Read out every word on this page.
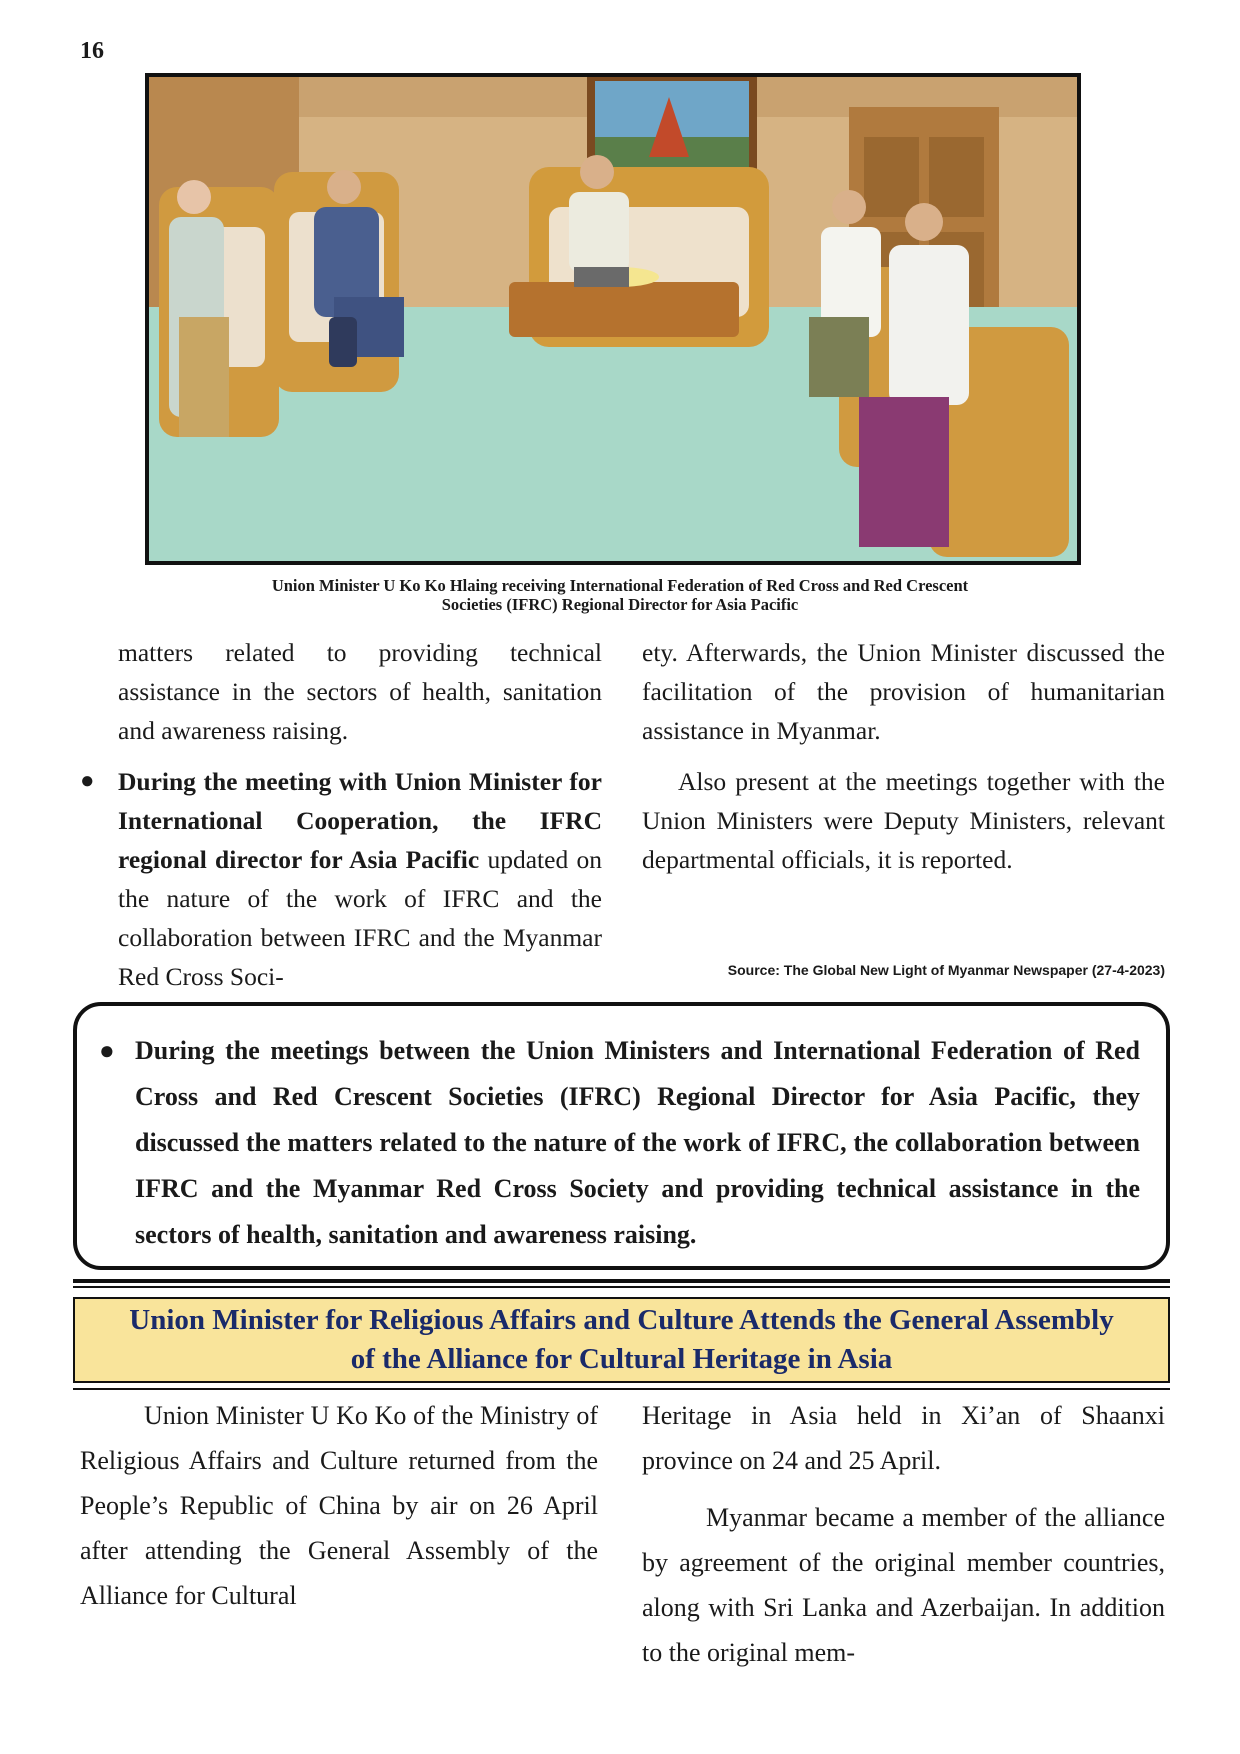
16
Union Minister U Ko Ko Hlaing receiving International Federation of Red Cross and Red Crescent
Societies (IFRC) Regional Director for Asia Pacific

matters related to providing technical assistance in the sectors of health, sanitation and awareness raising.

● During the meeting with Union Minister for International Cooperation, the IFRC regional director for Asia Pacific updated on the nature of the work of IFRC and the collaboration between IFRC and the Myanmar Red Cross Soci-

ety. Afterwards, the Union Minister discussed the facilitation of the provision of humanitarian assistance in Myanmar.

Also present at the meetings together with the Union Ministers were Deputy Ministers, relevant departmental officials, it is reported.

Source: The Global New Light of Myanmar Newspaper (27-4-2023)

● During the meetings between the Union Ministers and International Federation of Red Cross and Red Crescent Societies (IFRC) Regional Director for Asia Pacific, they discussed the matters related to the nature of the work of IFRC, the collaboration between IFRC and the Myanmar Red Cross Society and providing technical assistance in the sectors of health, sanitation and awareness raising.

Union Minister for Religious Affairs and Culture Attends the General Assembly
of the Alliance for Cultural Heritage in Asia

Union Minister U Ko Ko of the Ministry of Religious Affairs and Culture returned from the People’s Republic of China by air on 26 April after attending the General Assembly of the Alliance for Cultural

Heritage in Asia held in Xi’an of Shaanxi province on 24 and 25 April.

Myanmar became a member of the alliance by agreement of the original member countries, along with Sri Lanka and Azerbaijan. In addition to the original mem-
